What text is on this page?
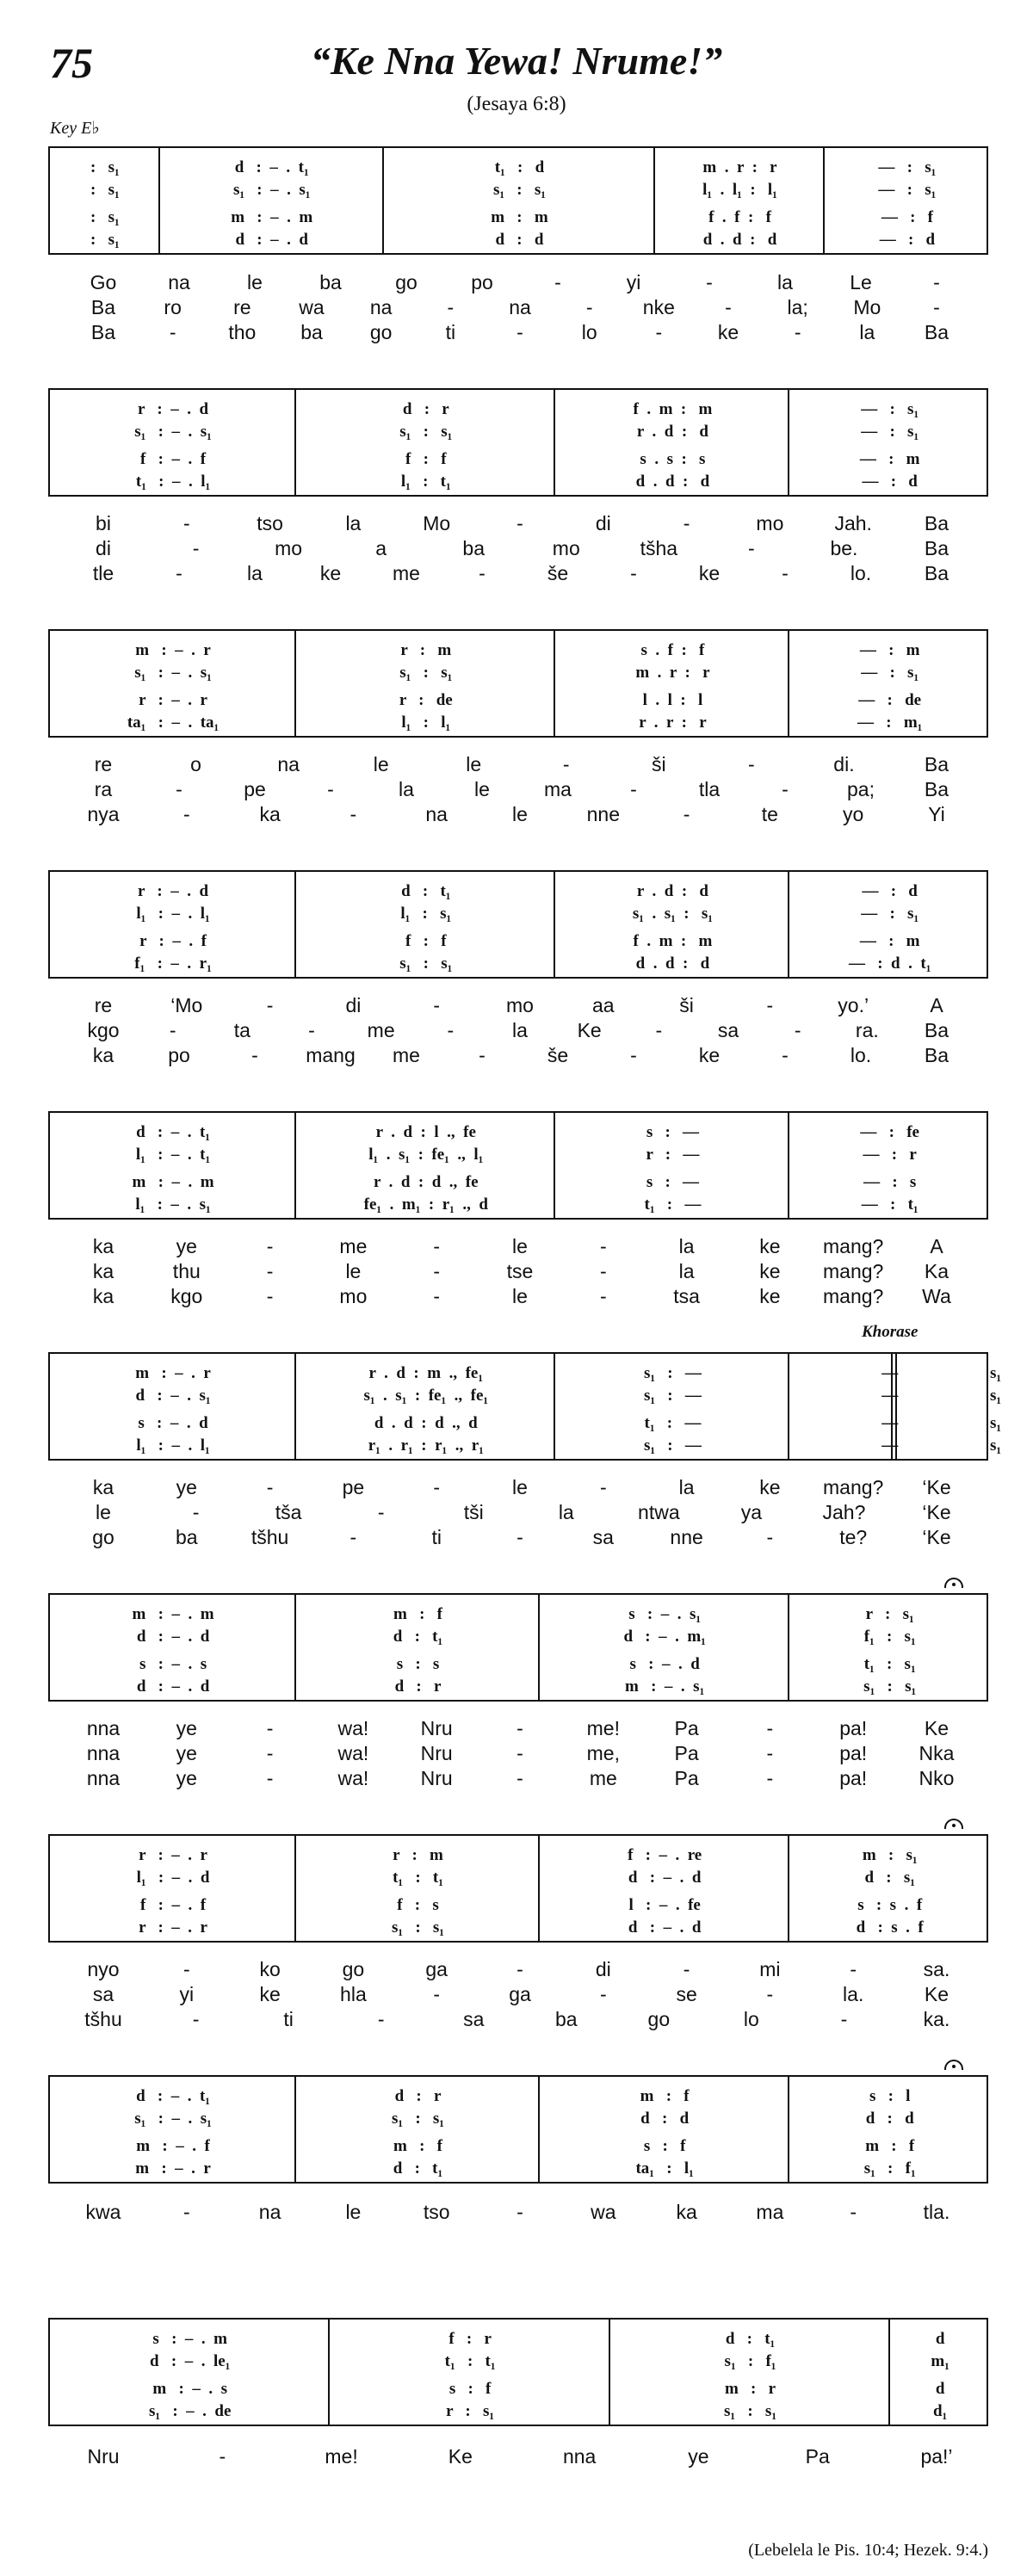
75	“Ke Nna Yewa! Nrume!”
(Jesaya 6:8)
Key E♭
Khorase
(Lebelela le Pis. 10:4; Hezek. 9:4.)
:   s₁	d   :  –  .  t₁	t₁   :   d	m  .  r  :   r	—   :   s₁
:   s₁	s₁   :  –  .  s₁	s₁   :   s₁	l₁  .  l₁  :   l₁	—   :   s₁
:   s₁	m   :  –  .  m	m   :   m	f  .  f  :   f	—   :   f
:   s₁	d   :  –  .  d	d   :   d	d  .  d  :   d	—   :   d
Go	na	le	ba	go	po	-	yi	-	la	Le	-
Ba ro	re wa na	-	na	-	nke	-	la; Mo	-
Ba	-	tho ba go	ti	-	lo	-	ke	-	la	Ba
r   :  –  .  d	d   :   r	f  .  m  :   m	—   :   s₁
s₁   :  –  .  s₁	s₁   :   s₁	r  .  d  :   d	—   :   s₁
f   :  –  .  f	f   :   f	s  .  s  :   s	—   :   m
t₁   :  –  .  l₁	l₁   :   t₁	d  .  d  :   d	—   :   d
bi	-	tso	la	Mo	-	di	-	mo	Jah.	Ba
di	-	mo	a	ba	mo	tšha	-	be.	Ba
tle	-	la	ke	me	-	še	-	ke	-	lo.	Ba
m   :  –  .  r	r   :   m	s  .  f  :   f	—   :   m
s₁   :  –  .  s₁	s₁   :   s₁	m  .  r  :   r	—   :   s₁
r   :  –  .  r	r   :   de	l  .  l  :   l	—   :   de
ta₁   :  –  .  ta₁	l₁   :   l₁	r  .  r  :   r	—   :   m₁
re	o	na	le	le	-	ši	-	di.	Ba
ra	-	pe	-	la	le	ma	-	tla	-	pa;	Ba
nya	-	ka	-	na	le	nne	-	te	yo	Yi
r   :  –  .  d	d   :   t₁	r  .  d  :   d	—   :   d
l₁   :  –  .  l₁	l₁   :   s₁	s₁  .  s₁  :   s₁	—   :   s₁
r   :  –  .  f	f   :   f	f  .  m  :   m	—   :   m
f₁   :  –  .  r₁	s₁   :   s₁	d  .  d  :   d	—   :  d  .  t₁
re	‘Mo	-	di	-	mo	aa	ši	-	yo.’	A
kgo	-	ta	-	me	-	la	Ke	-	sa	-	ra. Ba
ka	po	- mang me	-	še	-	ke	-	lo.	Ba
d   :  –  .  t₁	r  .  d  :  l  .,  fe	s   :   —	—   :   fe
l₁   :  –  .  t₁	l₁  .  s₁  :  fe₁  .,  l₁	r   :   —	—   :   r
m   :  –  .  m	r  .  d  :  d  .,  fe	s   :   —	—   :   s
l₁   :  –  .  s₁	fe₁  .  m₁  :  r₁  .,  d	t₁   :   —	—   :   t₁
ka	ye	-	me	-	le	-	la	ke mang? A
ka	thu	-	le	-	tse	-	la	ke mang? Ka
ka	kgo	-	mo	-	le	-	tsa	ke mang? Wa
m   :  –  .  r	r  .  d  :  m  .,  fe₁	s₁   :   —	—	s₁
d   :  –  .  s₁	s₁  .  s₁  :  fe₁  .,  fe₁	s₁   :   —	—	s₁
s   :  –  .  d	d  .  d  :  d  .,  d	t₁   :   —	—	s₁
l₁   :  –  .  l₁	r₁  .  r₁  :  r₁  .,  r₁	s₁   :   —	—	s₁
ka	ye	-	pe	-	le	-	la	ke mang? ‘Ke
le	-	tša	-	tši	la	ntwa	ya	Jah?	‘Ke
go	ba	tšhu	-	ti	-	sa	nne	-	te?	‘Ke
m   :  –  .  m	m   :   f	s   :  –  .  s₁	r   :   s₁
d   :  –  .  d	d   :   t₁	d   :  –  .  m₁	f₁   :   s₁
s   :  –  .  s	s   :   s	s   :  –  .  d	t₁   :   s₁
d   :  –  .  d	d   :   r	m   :  –  .  s₁	s₁   :   s₁
nna	ye	-	wa!	Nru	-	me!	Pa	-	pa!	Ke
nna	ye	-	wa!	Nru	-	me,	Pa	-	pa!	Nka
nna	ye	-	wa!	Nru	-	me	Pa	-	pa!	Nko
r   :  –  .  r	r   :   m	f   :  –  .  re	m   :   s₁
l₁   :  –  .  d	t₁   :   t₁	d   :  –  .  d	d   :   s₁
f   :  –  .  f	f   :   s	l   :  –  .  fe	s   :  s  .  f
r   :  –  .  r	s₁   :   s₁	d   :  –  .  d	d   :  s  .  f
nyo	-	ko	go	ga	-	di	-	mi	-	sa.
sa	yi	ke	hla	-	ga	-	se	-	la.	Ke
tšhu	-	ti	-	sa	ba	go	lo	-	ka.
d   :  –  .  t₁	d   :   r	m   :   f	s   :   l
s₁   :  –  .  s₁	s₁   :   s₁	d   :   d	d   :   d
m   :  –  .  f	m   :   f	s   :   f	m   :   f
m   :  –  .  r	d   :   t₁	ta₁   :   l₁	s₁   :   f₁
kwa	-	na	le	tso	-	wa	ka	ma	-	tla.
s   :  –  .  m	f   :   r	d   :   t₁	d
d   :  –  .  le₁	t₁   :   t₁	s₁   :   f₁	m₁
m   :  –  .  s	s   :   f	m   :   r	d
s₁   :  –  .  de	r   :   s₁	s₁   :   s₁	d₁
Nru	-	me!	Ke	nna	ye	Pa	pa!’
